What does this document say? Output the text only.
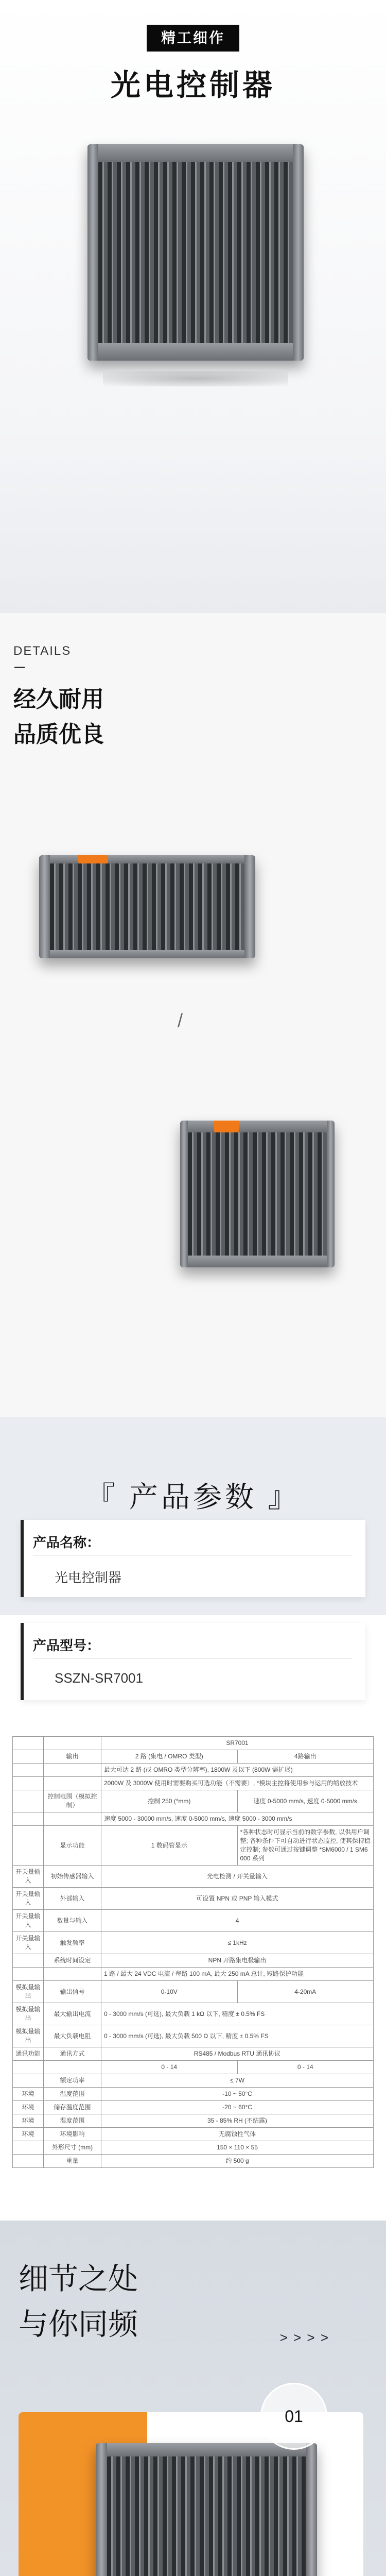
精工细作
光电控制器
DETAILS
经久耐用
品质优良
/
『 产品参数 』
产品名称：
光电控制器
产品型号：
SSZN-SR7001
		SR7001	
	输出	2 路 (集电 / OMRO 类型)	4路输出
		最大可达 2 路 (或 OMRO 类型分辨率), 1800W 及以下 (800W 需扩展)	
		2000W 及 3000W 使用时需要购买可选功能（不需要）, *模块主控将使用参与运用的缩放技术	
	控制范围（模拟控制）	控制 250 (*mm)	速度 0-5000 mm/s, 速度 0-5000 mm/s
		速度 5000 - 30000 mm/s, 速度 0-5000 mm/s, 速度 5000 - 3000 mm/s	
	显示功能	1 数码管显示	*各种状态时可显示当前的数字参数, 以供用户调整; 各种条件下可自动进行状态监控, 使其保持稳定控制; 参数可通过按键调整 *SM6000 / 1 SM6000 系列
开关量输入	初始传感器输入	光电检测 / 开关量输入	
开关量输入	外部输入	可设置 NPN 或 PNP 输入模式	
开关量输入	数量与输入	4	
开关量输入	触发频率	≤ 1kHz	
	系统时间设定	NPN 开路集电极输出	
		1 路 / 最大 24 VDC 电流 / 每路 100 mA, 最大 250 mA 总计, 短路保护功能	
模拟量输出	输出信号	0-10V	4-20mA
模拟量输出	最大输出电流	0 - 3000 mm/s (可选), 最大负载 1 kΩ 以下, 精度 ± 0.5% FS	
模拟量输出	最大负载电阻	0 - 3000 mm/s (可选), 最大负载 500 Ω 以下, 精度 ± 0.5% FS	
通讯功能	通讯方式	RS485 / Modbus RTU 通讯协议	
		0 - 14	0 - 14
	额定功率	≤ 7W	
环境	温度范围	-10 ~ 50°C	
环境	储存温度范围	-20 ~ 60°C	
环境	湿度范围	35 - 85% RH (不结露)	
环境	环境影响	无腐蚀性气体	
	外形尺寸 (mm)	150 × 110 × 55	
	重量	约 500 g	
细节之处
与你同频	> > > >
01
